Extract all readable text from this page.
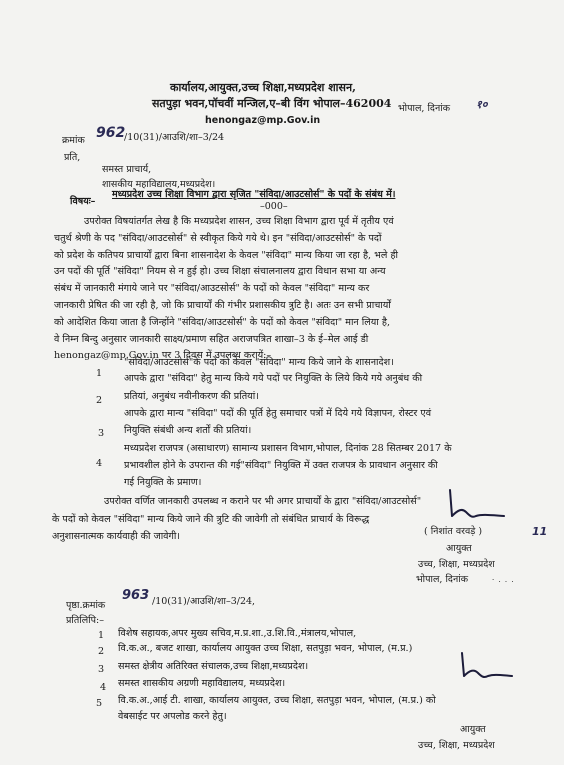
कार्यालय,आयुक्त,उच्च शिक्षा,मध्यप्रदेश शासन,
सतपुड़ा भवन,पॉचवीं मन्जिल,ए–बी विंग भोपाल–462004
henongaz@mp.Gov.in
भोपाल, दिनांक १०
क्रमांक 962
/10(31)/आउशि/शा–3/24
प्रति,
समस्त प्राचार्य,
शासकीय महाविद्यालय,मध्यप्रदेश।
विषयः–
मध्यप्रदेश उच्च शिक्षा विभाग द्वारा सृजित "संविदा/आउटसोर्स" के पदों के संबंध में।
–000–
उपरोक्त विषयांतर्गत लेख है कि मध्यप्रदेश शासन, उच्च शिक्षा विभाग द्वारा पूर्व में तृतीय एवं
चतुर्थ श्रेणी के पद "संविदा/आउटसोर्स" से स्वीकृत किये गये थे। इन "संविदा/आउटसोर्स" के पदों
को प्रदेश के कतिपय प्राचार्यों द्वारा बिना शासनादेश के केवल "संविदा" मान्य किया जा रहा है, भले ही
उन पदों की पूर्ति "संविदा" नियम से न हुई हो। उच्च शिक्षा संचालनालय द्वारा विधान सभा या अन्य
संबंध में जानकारी मंगाये जाने पर "संविदा/आउटसोर्स" के पदों को केवल "संविदा" मान्य कर
जानकारी प्रेषित की जा रही है, जो कि प्राचार्यों की गंभीर प्रशासकीय त्रुटि है। अतः उन सभी प्राचार्यों
को आदेशित किया जाता है जिन्होंने "संविदा/आउटसोर्स" के पदों को केवल "संविदा" मान लिया है,
वे निम्न बिन्दु अनुसार जानकारी साक्ष्य/प्रमाण सहित अराजपत्रित शाखा–3 के ई–मेल आई डी
henongaz@mp.Gov.in पर 3 दिवस में उपलब्ध करायें:–
1
"संविदा/आउटसोर्स"के पदों को केवल "संविदा" मान्य किये जाने के शासनादेश।
2
आपके द्वारा "संविदा" हेतु मान्य किये गये पदों पर नियुक्ति के लिये किये गये अनुबंध की
प्रतियां, अनुबंध नवीनीकरण की प्रतियां।
3
आपके द्वारा मान्य "संविदा" पदों की पूर्ति हेतु समाचार पत्रों में दिये गये विज्ञापन, रोस्टर एवं
नियुक्ति संबंधी अन्य शर्तों की प्रतियां।
4
मध्यप्रदेश राजपत्र (असाधारण) सामान्य प्रशासन विभाग,भोपाल, दिनांक 28 सितम्बर 2017 के
प्रभावशील होने के उपरान्त की गई"संविदा" नियुक्ति में उक्त राजपत्र के प्रावधान अनुसार की
गई नियुक्ति के प्रमाण।
उपरोक्त वर्णित जानकारी उपलब्ध न कराने पर भी अगर प्राचार्यों के द्वारा "संविदा/आउटसोर्स"
के पदों को केवल "संविदा" मान्य किये जाने की त्रुटि की जावेगी तो संबंधित प्राचार्य के विरूद्ध
अनुशासनात्मक कार्यवाही की जावेगी।	( निशांत वरवड़े )	11
आयुक्त
उच्च, शिक्षा, मध्यप्रदेश
भोपाल, दिनांक	· . . .
पृष्ठा.क्रमांक
963 /10(31)/आउशि/शा–3/24,
प्रतिलिपि:–
1 विशेष सहायक,अपर मुख्य सचिव,म.प्र.शा.,उ.शि.वि.,मंत्रालय,भोपाल,
2 वि.क.अ., बजट शाखा, कार्यालय आयुक्त उच्च शिक्षा, सतपुड़ा भवन, भोपाल, (म.प्र.)
3 समस्त क्षेत्रीय अतिरिक्त संचालक,उच्च शिक्षा,मध्यप्रदेश।
4 समस्त शासकीय अग्रणी महाविद्यालय, मध्यप्रदेश।
5 वि.क.अ.,आई टी. शाखा, कार्यालय आयुक्त, उच्च शिक्षा, सतपुड़ा भवन, भोपाल, (म.प्र.) को
वेबसाईट पर अपलोड करने हेतु।
आयुक्त
उच्च, शिक्षा, मध्यप्रदेश
